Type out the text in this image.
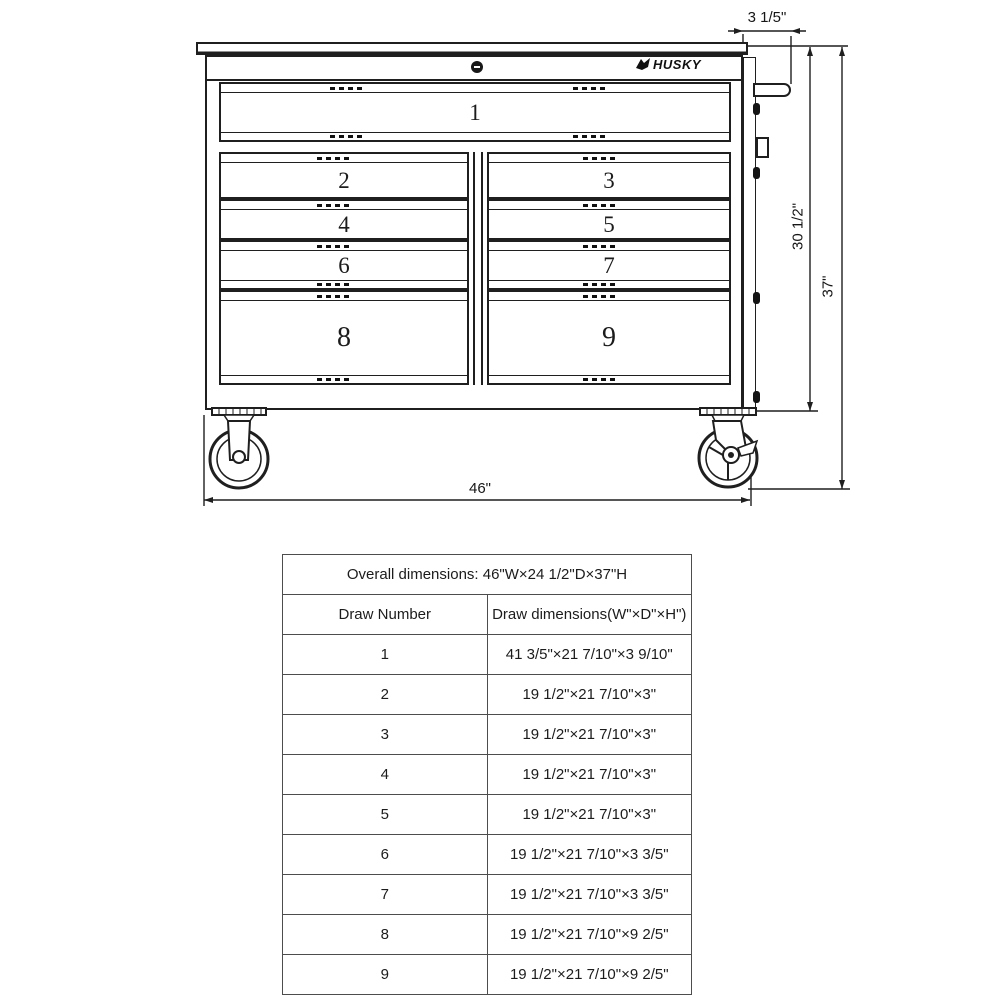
HUSKY
1
2
4
6
8
3
5
7
9
3 1/5"
30 1/2"
37"
46"
Overall dimensions: 46"W×24 1/2"D×37"H	
Draw Number	Draw dimensions(W"×D"×H")
1	41 3/5"×21 7/10"×3 9/10"
2	19 1/2"×21 7/10"×3"
3	19 1/2"×21 7/10"×3"
4	19 1/2"×21 7/10"×3"
5	19 1/2"×21 7/10"×3"
6	19 1/2"×21 7/10"×3 3/5"
7	19 1/2"×21 7/10"×3 3/5"
8	19 1/2"×21 7/10"×9 2/5"
9	19 1/2"×21 7/10"×9 2/5"
